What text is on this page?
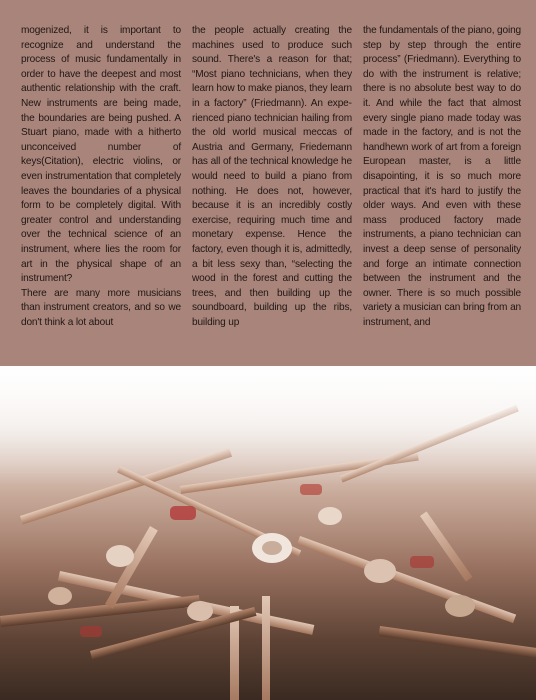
mogenized, it is important to recognize and understand the process of music fundamentally in order to have the deepest and most authentic relationship with the craft. New instruments are being made, the boundaries are being pushed. A Stuart piano, made with a hitherto unconceived number of keys(Citation), electric violins, or even instrumentation that completely leaves the boundaries of a physical form to be completely digital. With greater control and understanding over the technical science of an instrument, where lies the room for art in the physical shape of an instrument?

There are many more musicians than instrument creators, and so we don't think a lot about

the people actually creating the machines used to produce such sound. There's a reason for that; “Most piano technicians, when they learn how to make pianos, they learn in a factory” (Friedmann). An experienced piano technician hailing from the old world musical meccas of Austria and Germany, Friedemann has all of the technical knowledge he would need to build a piano from nothing. He does not, however, because it is an incredibly costly exercise, requiring much time and monetary expense. Hence the factory, even though it is, admittedly, a bit less sexy than, “selecting the wood in the forest and cutting the trees, and then building up the soundboard, building up the ribs, building up

the fundamentals of the piano, going step by step through the entire process” (Friedmann). Everything to do with the instrument is relative; there is no absolute best way to do it. And while the fact that almost every single piano made today was made in the factory, and is not the handhewn work of art from a foreign European master, is a little disapointing, it is so much more practical that it's hard to justify the older ways. And even with these mass produced factory made instruments, a piano technician can invest a deep sense of personality and forge an intimate connection between the instrument and the owner. There is so much possible variety a musician can bring from an instrument, and
